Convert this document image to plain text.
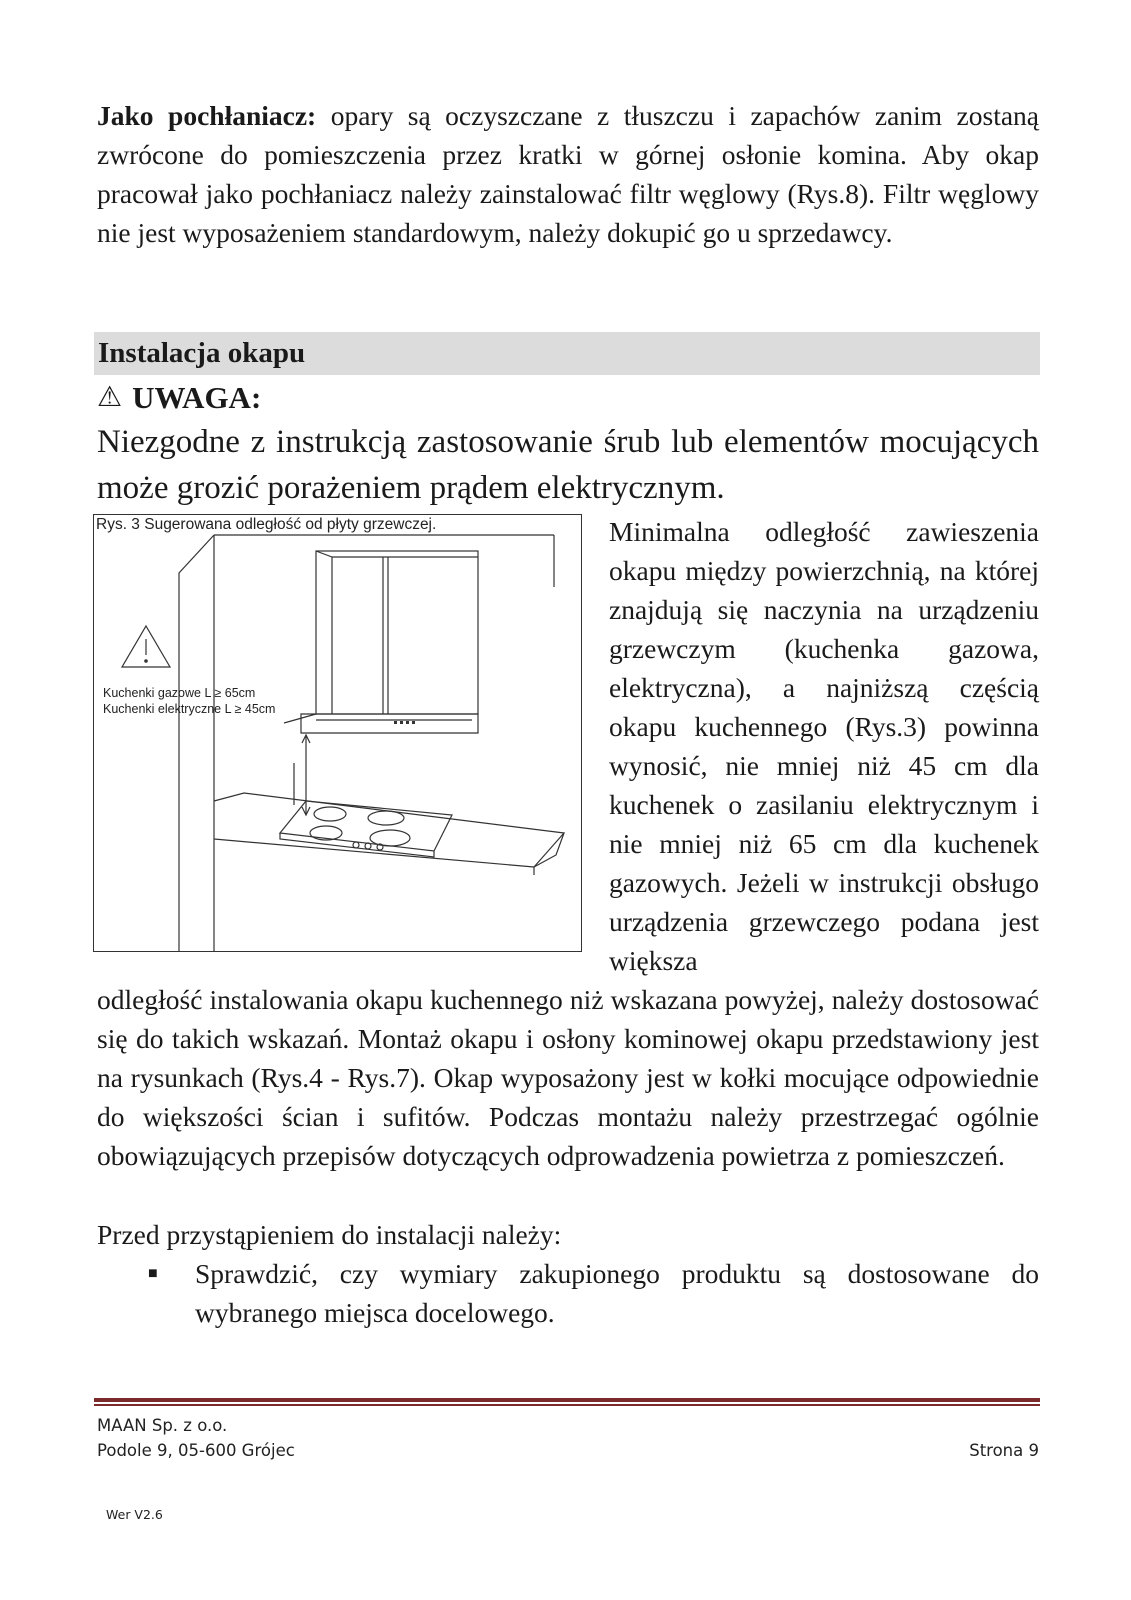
Jako pochłaniacz: opary są oczyszczane z tłuszczu i zapachów zanim zostaną zwrócone do pomieszczenia przez kratki w górnej osłonie komina. Aby okap pracował jako pochłaniacz należy zainstalować filtr węglowy (Rys.8). Filtr węglowy nie jest wyposażeniem standardowym, należy dokupić go u sprzedawcy.

Instalacja okapu
⚠ UWAGA:

Niezgodne z instrukcją zastosowanie śrub lub elementów mocujących może grozić porażeniem prądem elektrycznym.

Rys. 3 Sugerowana odległość od płyty grzewczej.
Kuchenki gazowe L ≥ 65cm
Kuchenki elektryczne L ≥ 45cm

Minimalna odległość zawieszenia okapu między powierzchnią, na której znajdują się naczynia na urządzeniu grzewczym (kuchenka gazowa, elektryczna), a najniższą częścią okapu kuchennego (Rys.3) powinna wynosić, nie mniej niż 45 cm dla kuchenek o zasilaniu elektrycznym i nie mniej niż 65 cm dla kuchenek gazowych. Jeżeli w instrukcji obsługo urządzenia grzewczego podana jest większa

odległość instalowania okapu kuchennego niż wskazana powyżej, należy dostosować się do takich wskazań. Montaż okapu i osłony kominowej okapu przedstawiony jest na rysunkach (Rys.4 - Rys.7). Okap wyposażony jest w kołki mocujące odpowiednie do większości ścian i sufitów. Podczas montażu należy przestrzegać ogólnie obowiązujących przepisów dotyczących odprowadzenia powietrza z pomieszczeń.

Przed przystąpieniem do instalacji należy:
■	Sprawdzić, czy wymiary zakupionego produktu są dostosowane do wybranego miejsca docelowego.
MAAN Sp. z o.o.
Podole 9, 05-600 Grójec	Strona 9
Wer V2.6
